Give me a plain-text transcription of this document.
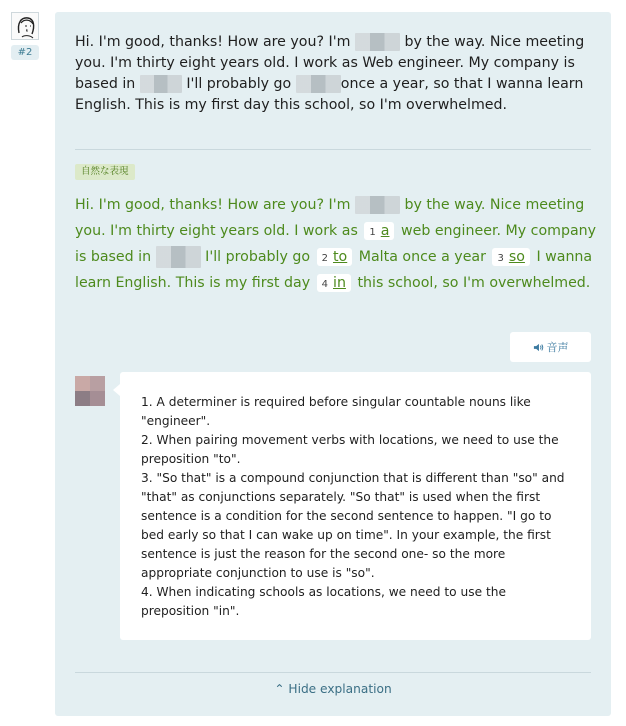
#2

Hi. I'm good, thanks! How are you? I'm	by the way. Nice meeting you. I'm thirty eight years old. I work as Web engineer. My company is based in	I'll probably go	once a year, so that I wanna learn English. This is my first day this school, so I'm overwhelmed.

自然な表現

Hi. I'm good, thanks! How are you? I'm	by the way. Nice meeting you. I'm thirty eight years old. I work as 1 a web engineer. My company is based in	I'll probably go 2 to Malta once a year 3 so I wanna learn English. This is my first day 4 in this school, so I'm overwhelmed.

音声

1. A determiner is required before singular countable nouns like "engineer".
2. When pairing movement verbs with locations, we need to use the preposition "to".
3. "So that" is a compound conjunction that is different than "so" and "that" as conjunctions separately. "So that" is used when the first sentence is a condition for the second sentence to happen. "I go to bed early so that I can wake up on time". In your example, the first sentence is just the reason for the second one- so the more appropriate conjunction to use is "so".
4. When indicating schools as locations, we need to use the preposition "in".

⌃ Hide explanation
